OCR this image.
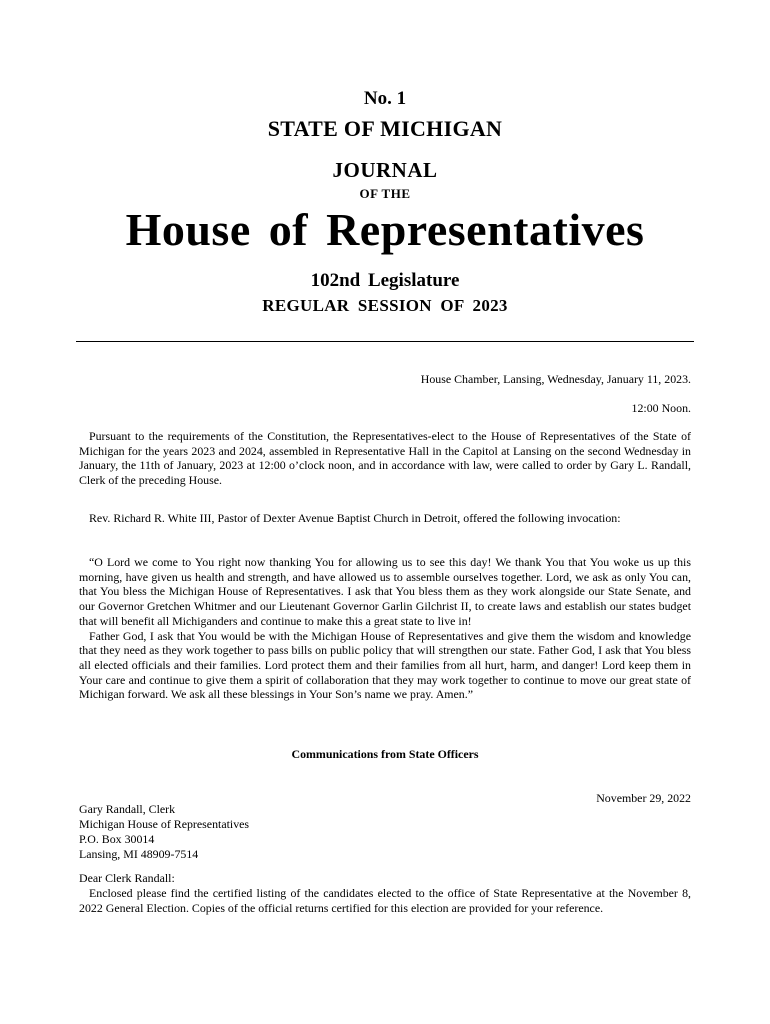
No. 1
STATE OF MICHIGAN
JOURNAL
OF THE
House of Representatives
102nd Legislature
REGULAR SESSION OF 2023
House Chamber, Lansing, Wednesday, January 11, 2023.
12:00 Noon.

Pursuant to the requirements of the Constitution, the Representatives-elect to the House of Representatives of the State of Michigan for the years 2023 and 2024, assembled in Representative Hall in the Capitol at Lansing on the second Wednesday in January, the 11th of January, 2023 at 12:00 o’clock noon, and in accordance with law, were called to order by Gary L. Randall, Clerk of the preceding House.

Rev. Richard R. White III, Pastor of Dexter Avenue Baptist Church in Detroit, offered the following invocation:

“O Lord we come to You right now thanking You for allowing us to see this day! We thank You that You woke us up this morning, have given us health and strength, and have allowed us to assemble ourselves together. Lord, we ask as only You can, that You bless the Michigan House of Representatives. I ask that You bless them as they work alongside our State Senate, and our Governor Gretchen Whitmer and our Lieutenant Governor Garlin Gilchrist II, to create laws and establish our states budget that will benefit all Michiganders and continue to make this a great state to live in!

Father God, I ask that You would be with the Michigan House of Representatives and give them the wisdom and knowledge that they need as they work together to pass bills on public policy that will strengthen our state. Father God, I ask that You bless all elected officials and their families. Lord protect them and their families from all hurt, harm, and danger! Lord keep them in Your care and continue to give them a spirit of collaboration that they may work together to continue to move our great state of Michigan forward. We ask all these blessings in Your Son’s name we pray. Amen.”

Communications from State Officers
November 29, 2022
Gary Randall, Clerk
Michigan House of Representatives
P.O. Box 30014
Lansing, MI 48909-7514
Dear Clerk Randall:

Enclosed please find the certified listing of the candidates elected to the office of State Representative at the November 8, 2022 General Election. Copies of the official returns certified for this election are provided for your reference.
